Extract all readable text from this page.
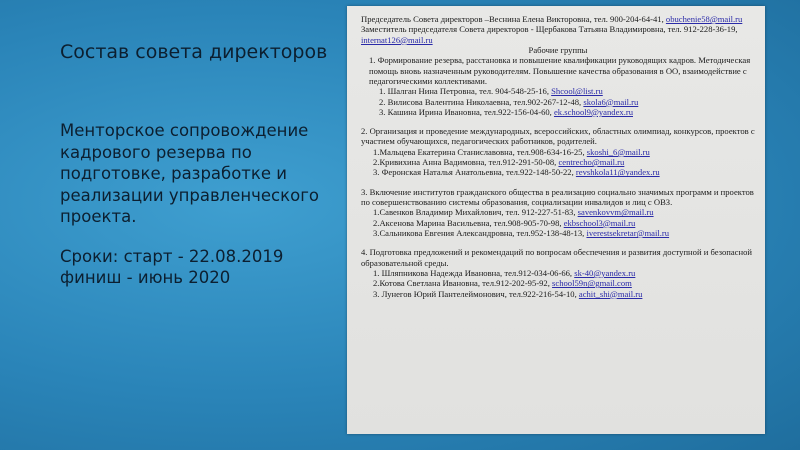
Состав совета директоров

Менторское сопровождение кадрового резерва по подготовке, разработке и реализации управленческого проекта.

Сроки: старт - 22.08.2019
финиш - июнь 2020

Председатель Совета директоров –Веснина Елена Викторовна, тел. 900-204-64-41, obuchenie58@mail.ru

Заместитель председателя Совета директоров - Щербакова Татьяна Владимировна, тел. 912-228-36-19, internat126@mail.ru

Рабочие группы

1. Формирование резерва, расстановка и повышение квалификации руководящих кадров. Методическая помощь вновь назначенным руководителям. Повышение качества образования в ОО, взаимодействие с педагогическими коллективами.

1. Шалган Нина Петровна, тел. 904-548-25-16, Shcool@list.ru

2. Вилисова Валентина Николаевна, тел.902-267-12-48, skola6@mail.ru

3. Кашина Ирина Ивановна, тел.922-156-04-60, ek.school9@yandex.ru

2. Организация и проведение международных, всероссийских, областных олимпиад, конкурсов, проектов с участием обучающихся, педагогических работников, родителей.

1.Мальцева Екатерина Станиславовна, тел.908-634-16-25, skoshi_6@mail.ru

2.Кривихина Анна Вадимовна, тел.912-291-50-08, centrecho@mail.ru

3. Феронская Наталья Анатольевна, тел.922-148-50-22, revshkola11@yandex.ru

3. Включение институтов гражданского общества в реализацию социально значимых программ и проектов по совершенствованию системы образования, социализации инвалидов и лиц с ОВЗ.

1.Савенков Владимир Михайлович, тел. 912-227-51-83, savenkovvm@mail.ru

2.Аксенова Марина Васильевна, тел.908-905-70-98, ekbschool3@mail.ru

3.Сальникова Евгения Александровна, тел.952-138-48-13, iverestsekretar@mail.ru

4. Подготовка предложений и рекомендаций по вопросам обеспечения и развития доступной и безопасной образовательной среды.

1. Шляпникова Надежда Ивановна, тел.912-034-06-66, sk-40@yandex.ru

2.Котова Светлана Ивановна, тел.912-202-95-92, school59n@gmail.com

3. Лунегов Юрий Пантелеймонович, тел.922-216-54-10, achit_shi@mail.ru
